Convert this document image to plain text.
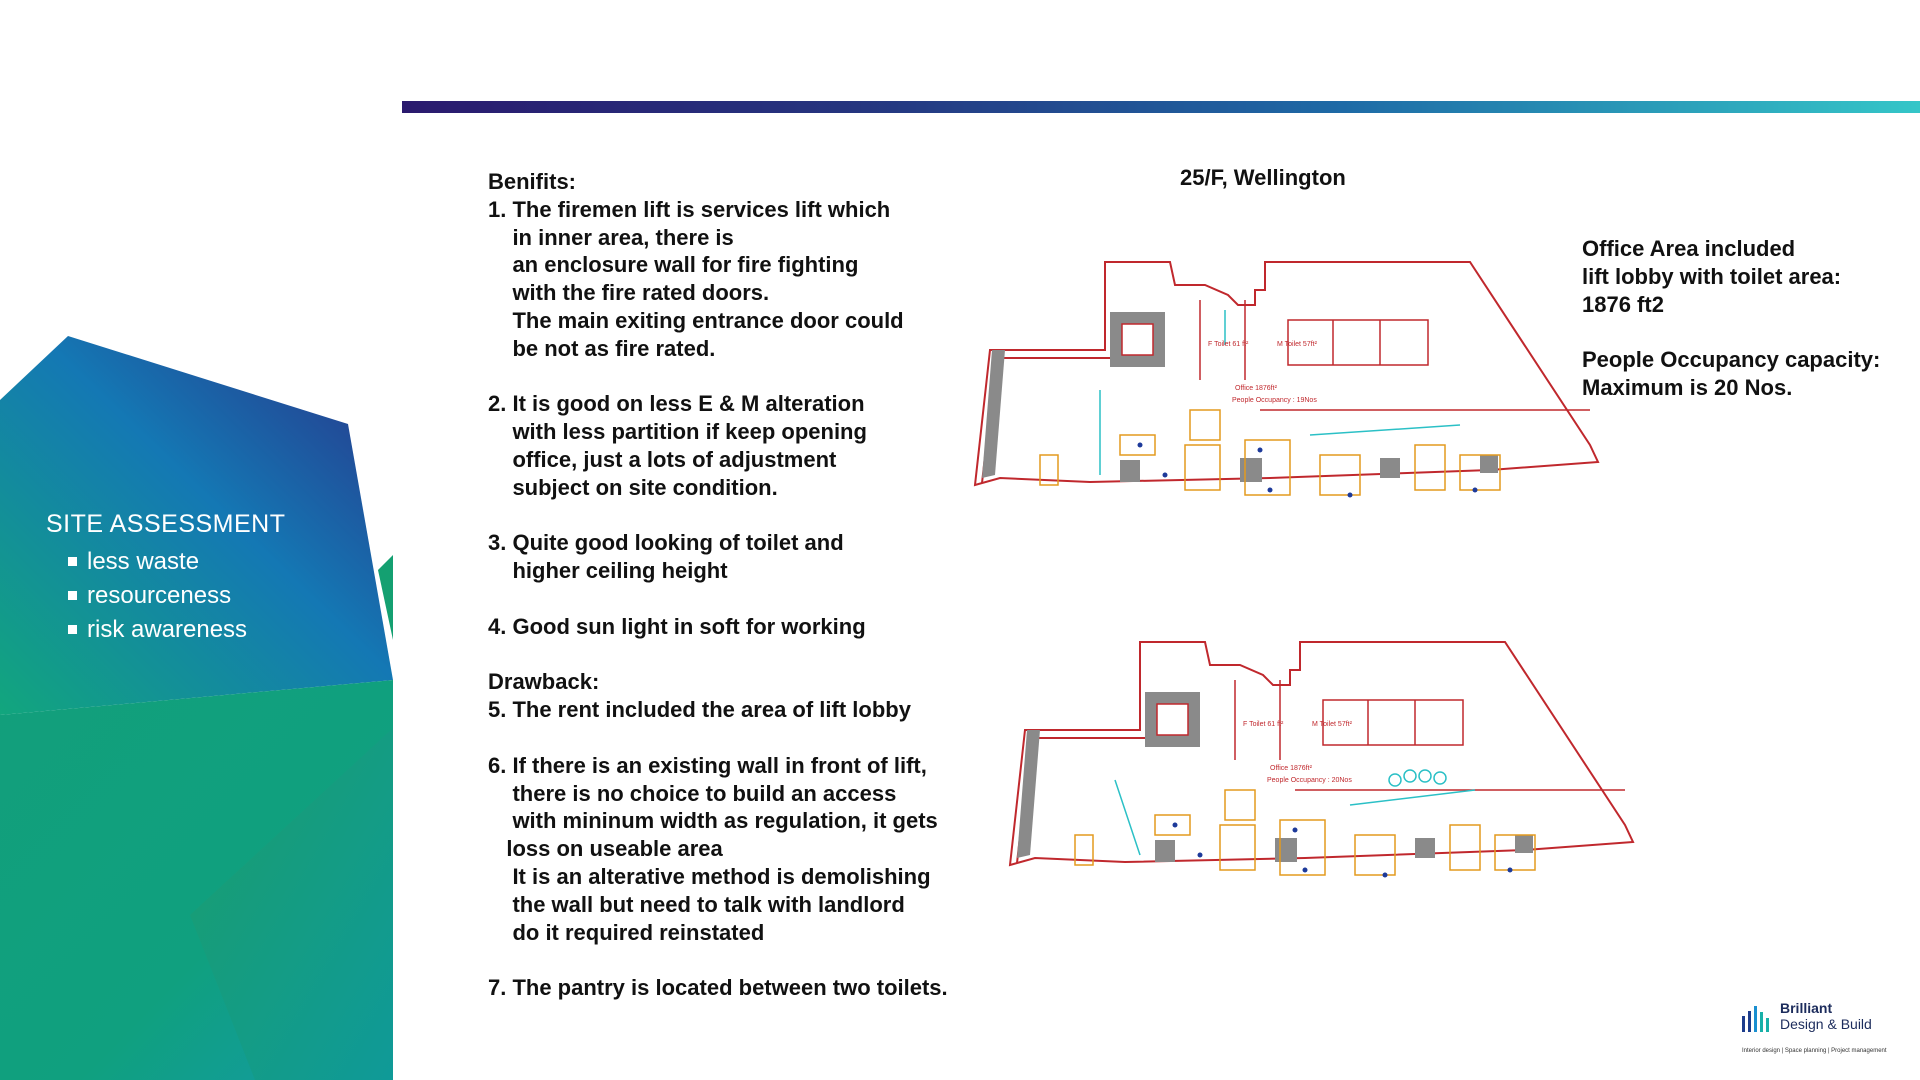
SITE ASSESSMENT
less waste
resourceness
risk awareness
Benifits:
1. The firemen lift is services lift which
in inner area, there is
an enclosure wall for fire fighting
with the fire rated doors.
The main exiting entrance door could
be not as fire rated.
2. It is good on less E & M alteration
with less partition if keep opening
office, just a lots of adjustment
subject on site condition.
3. Quite good looking of toilet and
higher ceiling height
4. Good sun light in soft for working
Drawback:
5. The rent included the area of lift lobby
6. If there is an existing wall in front of lift,
there is no choice to build an access
with mininum width as regulation, it gets
loss on useable area
It is an alterative method is demolishing
the wall but need to talk with landlord
do it required reinstated
7. The pantry is located between two toilets.
25/F, Wellington
Office Area included
lift lobby with toilet area:
1876 ft2

People Occupancy capacity:
Maximum is 20 Nos.
F Toilet 61 ft²	M Toilet 57ft²
Office 1876ft²
People Occupancy : 19Nos
F Toilet 61 ft²	M Toilet 57ft²
Office 1876ft²
People Occupancy : 20Nos
Brilliant
Design & Build
Interior design | Space planning | Project management
